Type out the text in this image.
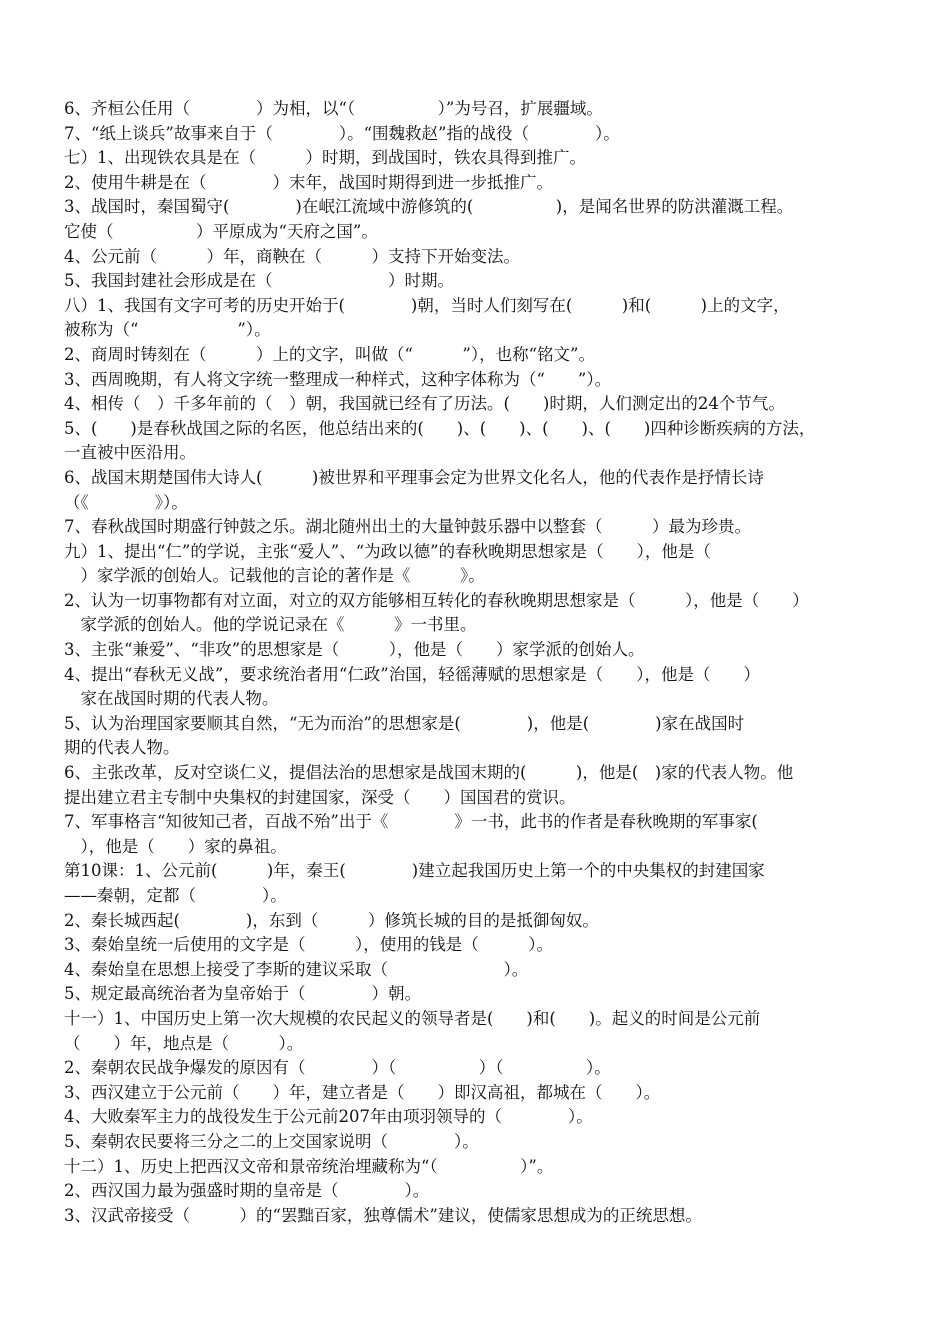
6、齐桓公任用（　　　　）为相，以“（　　　　　）”为号召，扩展疆域。
7、“纸上谈兵”故事来自于（　　　　）。“围魏救赵”指的战役（　　　　）。
七）1、出现铁农具是在（　　　）时期，到战国时，铁农具得到推广。
2、使用牛耕是在（　　　　）末年，战国时期得到进一步抵推广。
3、战国时，秦国蜀守(　　　　)在岷江流域中游修筑的(　　　　　)，是闻名世界的防洪灌溉工程。
它使（　　　　　）平原成为“天府之国”。
4、公元前（　　　）年，商鞅在（　　　）支持下开始变法。
5、我国封建社会形成是在（　　　　　　　）时期。
八）1、我国有文字可考的历史开始于(　　　　)朝，当时人们刻写在(　　　)和(　　　)上的文字，
被称为（“　　　　　　”）。
2、商周时铸刻在（　　　）上的文字，叫做（“　　　”），也称“铭文”。
3、西周晚期，有人将文字统一整理成一种样式，这种字体称为（“　　”）。
4、相传（　）千多年前的（　）朝，我国就已经有了历法。(　　)时期，人们测定出的24个节气。
5、(　　)是春秋战国之际的名医，他总结出来的(　　)、(　　)、(　　)、(　　)四种诊断疾病的方法，
一直被中医沿用。
6、战国末期楚国伟大诗人(　　　)被世界和平理事会定为世界文化名人，他的代表作是抒情长诗
（《　　　　》）。
7、春秋战国时期盛行钟鼓之乐。湖北随州出土的大量钟鼓乐器中以整套（　　　）最为珍贵。
九）1、提出“仁”的学说，主张“爱人”、“为政以德”的春秋晚期思想家是（　　），他是（
　）家学派的创始人。记载他的言论的著作是《　　　》。
2、认为一切事物都有对立面，对立的双方能够相互转化的春秋晚期思想家是（　　　），他是（　　）
　家学派的创始人。他的学说记录在《　　　》一书里。
3、主张“兼爱”、“非攻”的思想家是（　　　），他是（　　）家学派的创始人。
4、提出“春秋无义战”，要求统治者用“仁政”治国，轻徭薄赋的思想家是（　　），他是（　　）
　家在战国时期的代表人物。
5、认为治理国家要顺其自然，“无为而治”的思想家是(　　　　)，他是(　　　　)家在战国时
期的代表人物。
6、主张改革，反对空谈仁义，提倡法治的思想家是战国末期的(　　　)，他是(　)家的代表人物。他
提出建立君主专制中央集权的封建国家，深受（　　）国国君的赏识。
7、军事格言“知彼知己者，百战不殆”出于《　　　　》一书，此书的作者是春秋晚期的军事家(
　），他是（　　）家的鼻祖。
第10课：1、公元前(　　　)年，秦王(　　　　)建立起我国历史上第一个的中央集权的封建国家
——秦朝，定都（　　　　）。
2、秦长城西起(　　　　)，东到（　　　）修筑长城的目的是抵御匈奴。
3、秦始皇统一后使用的文字是（　　　），使用的钱是（　　　）。
4、秦始皇在思想上接受了李斯的建议采取（　　　　　　　）。
5、规定最高统治者为皇帝始于（　　　　）朝。
十一）1、中国历史上第一次大规模的农民起义的领导者是(　　)和(　　)。起义的时间是公元前
（　　）年，地点是（　　　）。
2、秦朝农民战争爆发的原因有（　　　　）（　　　　　）（　　　　　）。
3、西汉建立于公元前（　　）年，建立者是（　　）即汉高祖，都城在（　　）。
4、大败秦军主力的战役发生于公元前207年由项羽领导的（　　　　）。
5、秦朝农民要将三分之二的上交国家说明（　　　　）。
十二）1、历史上把西汉文帝和景帝统治埋藏称为“（　　　　　）”。
2、西汉国力最为强盛时期的皇帝是（　　　　）。
3、汉武帝接受（　　　）的“罢黜百家，独尊儒术”建议，使儒家思想成为的正统思想。
